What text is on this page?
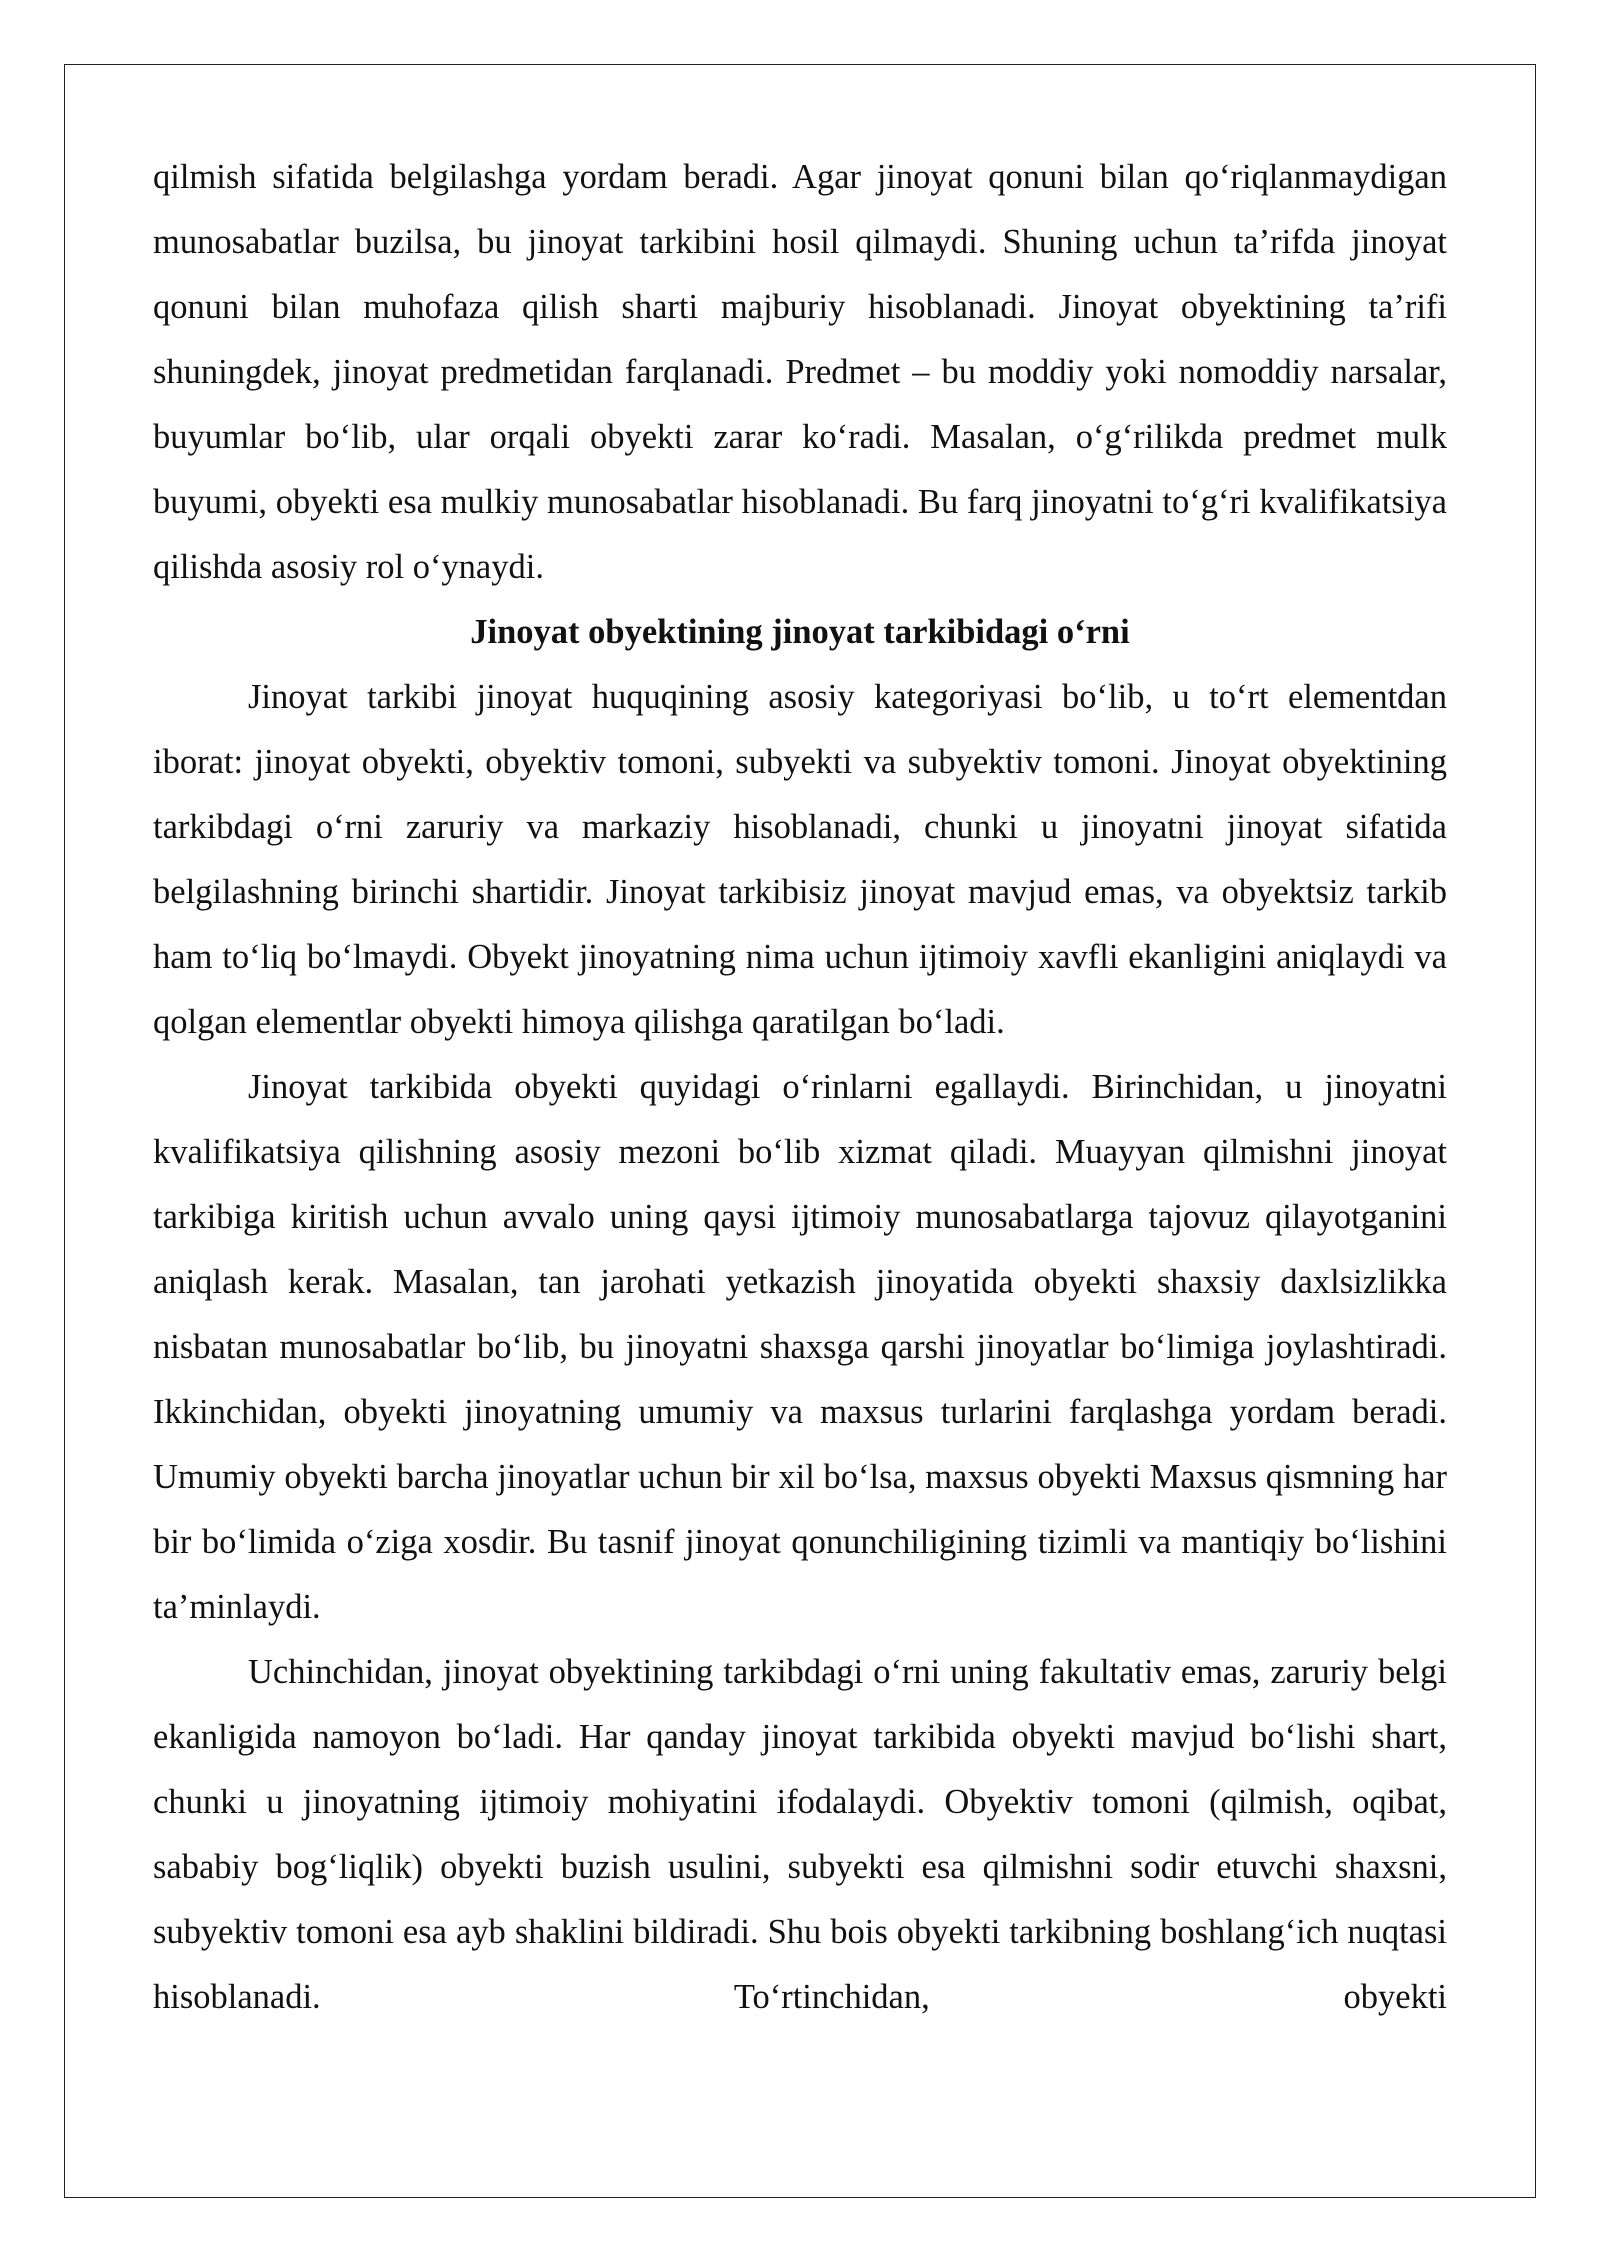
qilmish sifatida belgilashga yordam beradi. Agar jinoyat qonuni bilan qo‘riqlanmaydigan munosabatlar buzilsa, bu jinoyat tarkibini hosil qilmaydi. Shuning uchun ta’rifda jinoyat qonuni bilan muhofaza qilish sharti majburiy hisoblanadi. Jinoyat obyektining ta’rifi shuningdek, jinoyat predmetidan farqlanadi. Predmet – bu moddiy yoki nomoddiy narsalar, buyumlar bo‘lib, ular orqali obyekti zarar ko‘radi. Masalan, o‘g‘rilikda predmet mulk buyumi, obyekti esa mulkiy munosabatlar hisoblanadi. Bu farq jinoyatni to‘g‘ri kvalifikatsiya qilishda asosiy rol o‘ynaydi.

Jinoyat obyektining jinoyat tarkibidagi o‘rni

Jinoyat tarkibi jinoyat huquqining asosiy kategoriyasi bo‘lib, u to‘rt elementdan iborat: jinoyat obyekti, obyektiv tomoni, subyekti va subyektiv tomoni. Jinoyat obyektining tarkibdagi o‘rni zaruriy va markaziy hisoblanadi, chunki u jinoyatni jinoyat sifatida belgilashning birinchi shartidir. Jinoyat tarkibisiz jinoyat mavjud emas, va obyektsiz tarkib ham to‘liq bo‘lmaydi. Obyekt jinoyatning nima uchun ijtimoiy xavfli ekanligini aniqlaydi va qolgan elementlar obyekti himoya qilishga qaratilgan bo‘ladi.

Jinoyat tarkibida obyekti quyidagi o‘rinlarni egallaydi. Birinchidan, u jinoyatni kvalifikatsiya qilishning asosiy mezoni bo‘lib xizmat qiladi. Muayyan qilmishni jinoyat tarkibiga kiritish uchun avvalo uning qaysi ijtimoiy munosabatlarga tajovuz qilayotganini aniqlash kerak. Masalan, tan jarohati yetkazish jinoyatida obyekti shaxsiy daxlsizlikka nisbatan munosabatlar bo‘lib, bu jinoyatni shaxsga qarshi jinoyatlar bo‘limiga joylashtiradi. Ikkinchidan, obyekti jinoyatning umumiy va maxsus turlarini farqlashga yordam beradi. Umumiy obyekti barcha jinoyatlar uchun bir xil bo‘lsa, maxsus obyekti Maxsus qismning har bir bo‘limida o‘ziga xosdir. Bu tasnif jinoyat qonunchiligining tizimli va mantiqiy bo‘lishini ta’minlaydi.

Uchinchidan, jinoyat obyektining tarkibdagi o‘rni uning fakultativ emas, zaruriy belgi ekanligida namoyon bo‘ladi. Har qanday jinoyat tarkibida obyekti mavjud bo‘lishi shart, chunki u jinoyatning ijtimoiy mohiyatini ifodalaydi. Obyektiv tomoni (qilmish, oqibat, sababiy bog‘liqlik) obyekti buzish usulini, subyekti esa qilmishni sodir etuvchi shaxsni, subyektiv tomoni esa ayb shaklini bildiradi. Shu bois obyekti tarkibning boshlang‘ich nuqtasi hisoblanadi. To‘rtinchidan, obyekti
